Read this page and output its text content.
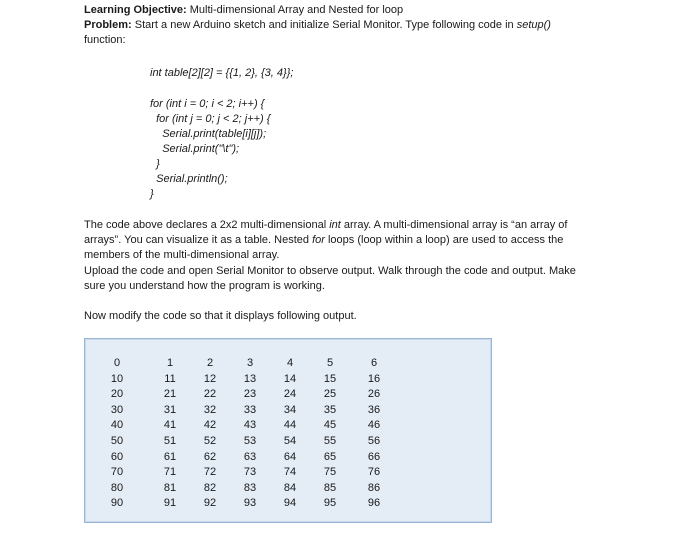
Learning Objective: Multi-dimensional Array and Nested for loop
Problem: Start a new Arduino sketch and initialize Serial Monitor. Type following code in setup()
function:
int table[2][2] = {{1, 2}, {3, 4}};
for (int i = 0; i < 2; i++) {
for (int j = 0; j < 2; j++) {
Serial.print(table[i][j]);
Serial.print("\t");
}
Serial.println();
}
The code above declares a 2x2 multi-dimensional int array. A multi-dimensional array is “an array of
arrays”. You can visualize it as a table. Nested for loops (loop within a loop) are used to access the
members of the multi-dimensional array.
Upload the code and open Serial Monitor to observe output. Walk through the code and output. Make
sure you understand how the program is working.
Now modify the code so that it displays following output.
0	1	2	3	4	5	6
10	11	12	13	14	15	16
20	21	22	23	24	25	26
30	31	32	33	34	35	36
40	41	42	43	44	45	46
50	51	52	53	54	55	56
60	61	62	63	64	65	66
70	71	72	73	74	75	76
80	81	82	83	84	85	86
90	91	92	93	94	95	96
